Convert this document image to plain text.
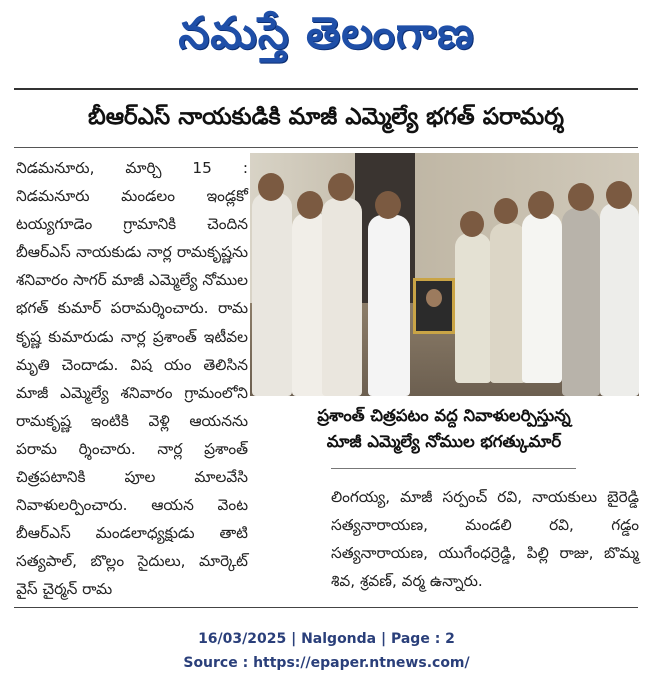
నమస్తే తెలంగాణ
బీఆర్ఎస్ నాయకుడికి మాజీ ఎమ్మెల్యే భగత్ పరామర్శ

నిడమనూరు, మార్చి 15 : నిడమనూరు మండలం ఇండ్లకో టయ్యగూడెం గ్రామానికి చెందిన బీఆర్ఎస్ నాయకుడు నార్ల రామకృష్ణను శనివారం సాగర్ మాజీ ఎమ్మెల్యే నోముల భగత్ కుమార్ పరామర్శించారు. రామ కృష్ణ కుమారుడు నార్ల ప్రశాంత్ ఇటీవల మృతి చెందాడు. విష యం తెలిసిన మాజీ ఎమ్మెల్యే శనివారం గ్రామంలోని రామకృష్ణ ఇంటికి వెళ్లి ఆయనను పరామ ర్శించారు. నార్ల ప్రశాంత్ చిత్రపటానికి పూల మాలవేసి నివాళులర్పించారు. ఆయన వెంట బీఆర్ఎస్ మండలాధ్యక్షుడు తాటి సత్యపాల్, బొల్లం సైదులు, మార్కెట్ వైస్ చైర్మన్ రామ

ప్రశాంత్ చిత్రపటం వద్ద నివాళులర్పిస్తున్న
మాజీ ఎమ్మెల్యే నోముల భగత్కుమార్

లింగయ్య, మాజీ సర్పంచ్ రవి, నాయకులు బైరెడ్డి సత్యనారాయణ, మండలి రవి, గడ్డం సత్యనారాయణ, యుగేంధర్రెడ్డి, పిల్లి రాజు, బొమ్మ శివ, శ్రవణ్, వర్మ ఉన్నారు.

16/03/2025 | Nalgonda | Page : 2
Source : https://epaper.ntnews.com/
